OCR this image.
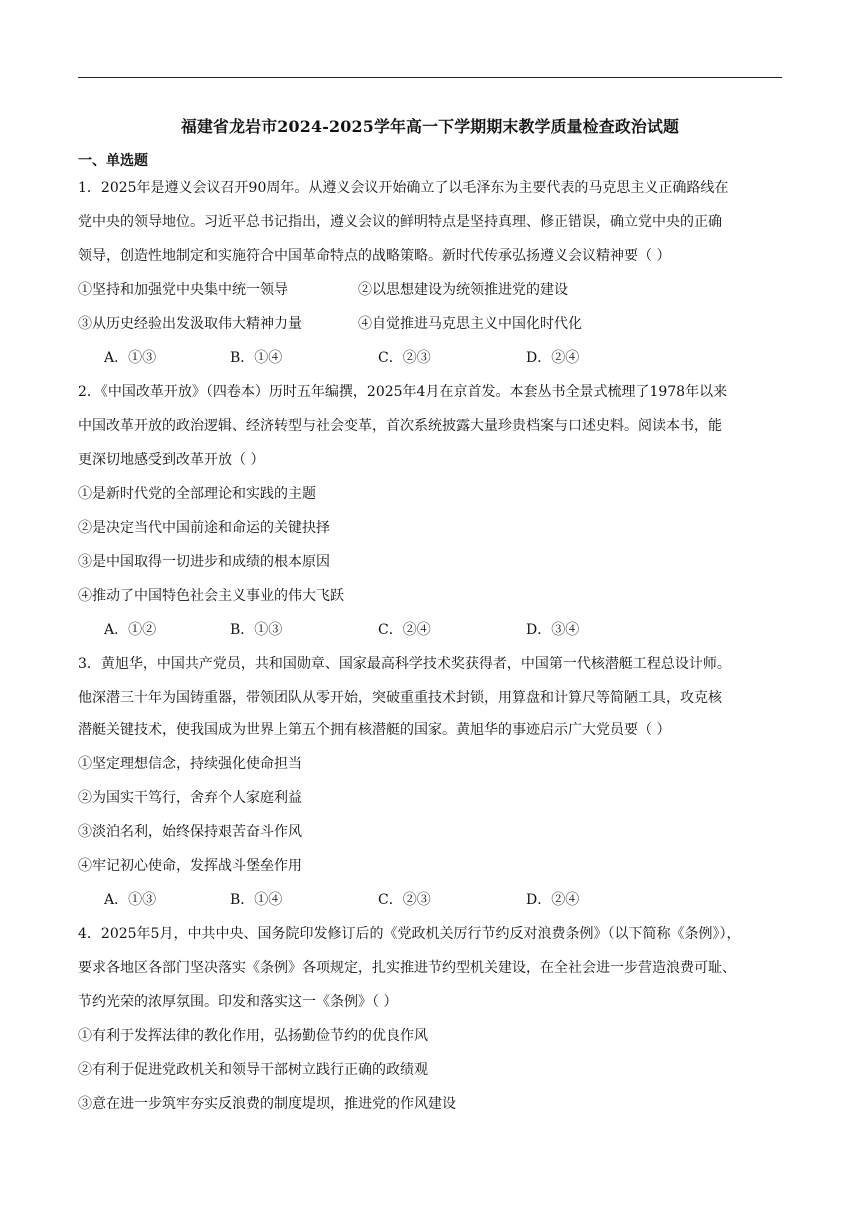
福建省龙岩市2024-2025学年高一下学期期末教学质量检查政治试题
一、单选题
1．2025年是遵义会议召开90周年。从遵义会议开始确立了以毛泽东为主要代表的马克思主义正确路线在
党中央的领导地位。习近平总书记指出，遵义会议的鲜明特点是坚持真理、修正错误，确立党中央的正确
领导，创造性地制定和实施符合中国革命特点的战略策略。新时代传承弘扬遵义会议精神要（ ）
①坚持和加强党中央集中统一领导	②以思想建设为统领推进党的建设
③从历史经验出发汲取伟大精神力量	④自觉推进马克思主义中国化时代化
A．①③	B．①④	C．②③	D．②④
2．《中国改革开放》（四卷本）历时五年编撰，2025年4月在京首发。本套丛书全景式梳理了1978年以来
中国改革开放的政治逻辑、经济转型与社会变革，首次系统披露大量珍贵档案与口述史料。阅读本书，能
更深切地感受到改革开放（ ）
①是新时代党的全部理论和实践的主题
②是决定当代中国前途和命运的关键抉择
③是中国取得一切进步和成绩的根本原因
④推动了中国特色社会主义事业的伟大飞跃
A．①②	B．①③	C．②④	D．③④
3．黄旭华，中国共产党员，共和国勋章、国家最高科学技术奖获得者，中国第一代核潜艇工程总设计师。
他深潜三十年为国铸重器，带领团队从零开始，突破重重技术封锁，用算盘和计算尺等简陋工具，攻克核
潜艇关键技术，使我国成为世界上第五个拥有核潜艇的国家。黄旭华的事迹启示广大党员要（ ）
①坚定理想信念，持续强化使命担当
②为国实干笃行，舍弃个人家庭利益
③淡泊名利，始终保持艰苦奋斗作风
④牢记初心使命，发挥战斗堡垒作用
A．①③	B．①④	C．②③	D．②④
4．2025年5月，中共中央、国务院印发修订后的《党政机关厉行节约反对浪费条例》（以下简称《条例》），
要求各地区各部门坚决落实《条例》各项规定，扎实推进节约型机关建设，在全社会进一步营造浪费可耻、
节约光荣的浓厚氛围。印发和落实这一《条例》（ ）
①有利于发挥法律的教化作用，弘扬勤俭节约的优良作风
②有利于促进党政机关和领导干部树立践行正确的政绩观
③意在进一步筑牢夯实反浪费的制度堤坝，推进党的作风建设
